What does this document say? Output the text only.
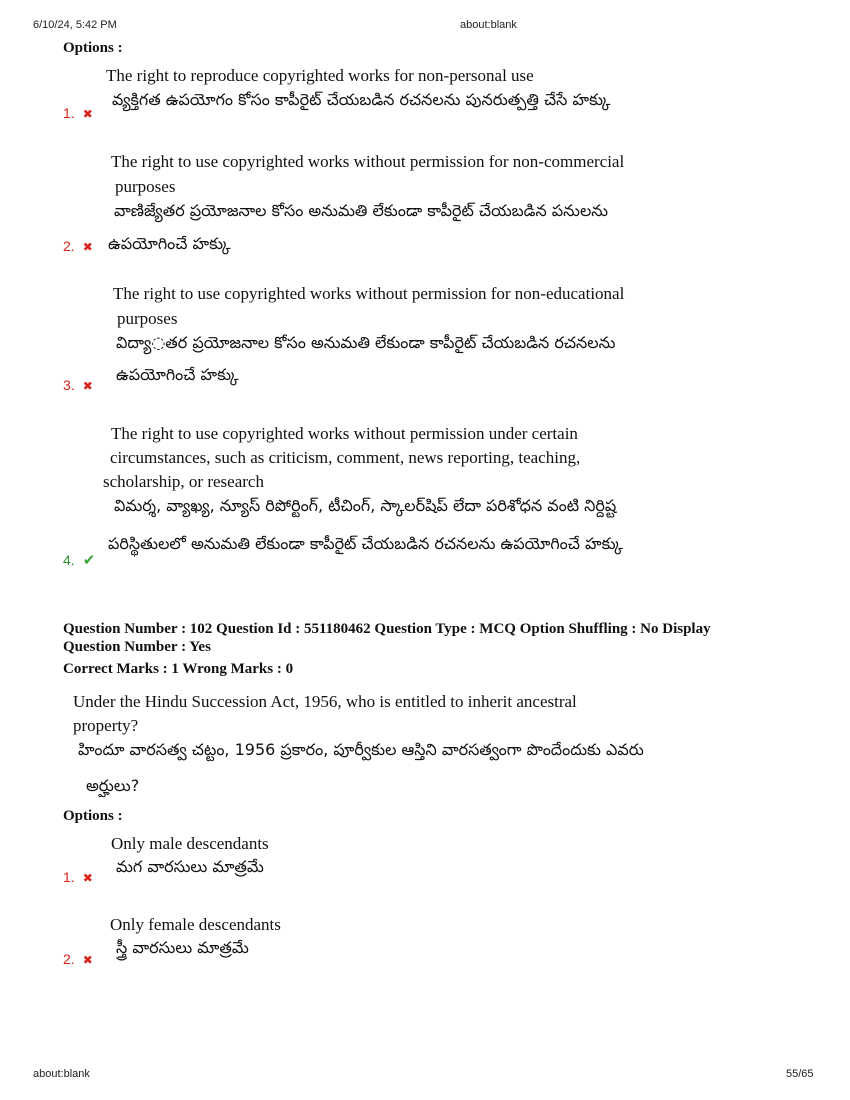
6/10/24, 5:42 PM	about:blank
about:blank	55/65
Options :
The right to reproduce copyrighted works for non-personal use
వ్యక్తిగత ఉపయోగం కోసం కాపీరైట్ చేయబడిన రచనలను పునరుత్పత్తి చేసే హక్కు
1. ✖
The right to use copyrighted works without permission for non-commercial
purposes
వాణిజ్యేతర ప్రయోజనాల కోసం అనుమతి లేకుండా కాపీరైట్ చేయబడిన పనులను
ఉపయోగించే హక్కు
2. ✖
The right to use copyrighted works without permission for non-educational
purposes
విద్యా◌తర ప్రయోజనాల కోసం అనుమతి లేకుండా కాపీరైట్ చేయబడిన రచనలను
ఉపయోగించే హక్కు
3. ✖
The right to use copyrighted works without permission under certain
circumstances, such as criticism, comment, news reporting, teaching,
scholarship, or research
విమర్శ, వ్యాఖ్య, న్యూస్ రిపోర్టింగ్, టీచింగ్, స్కాలర్‌షిప్ లేదా పరిశోధన వంటి నిర్దిష్ట
పరిస్థితులలో అనుమతి లేకుండా కాపీరైట్ చేయబడిన రచనలను ఉపయోగించే హక్కు
4. ✔
Question Number : 102 Question Id : 551180462 Question Type : MCQ Option Shuffling : No Display
Question Number : Yes
Correct Marks : 1 Wrong Marks : 0
Under the Hindu Succession Act, 1956, who is entitled to inherit ancestral
property?
హిందూ వారసత్వ చట్టం, 1956 ప్రకారం, పూర్వీకుల ఆస్తిని వారసత్వంగా పొందేందుకు ఎవరు
అర్హులు?
Options :
Only male descendants
మగ వారసులు మాత్రమే
1. ✖
Only female descendants
స్త్రీ వారసులు మాత్రమే
2. ✖
